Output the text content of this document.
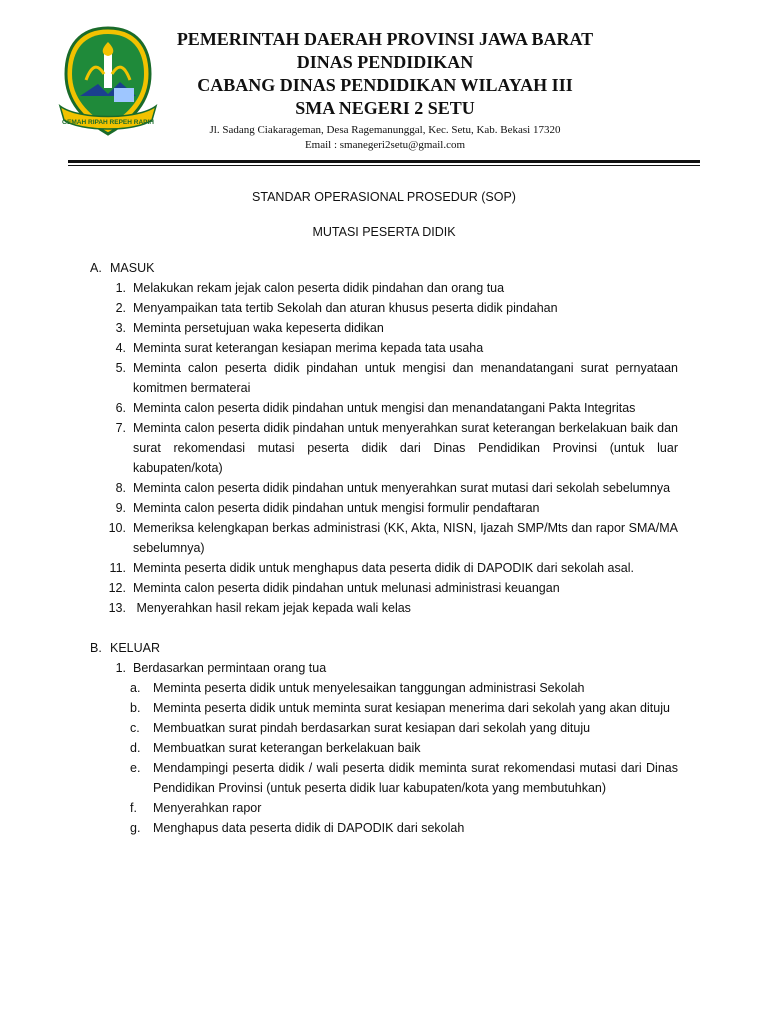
GEMAH RIPAH REPEH RAPIH
PEMERINTAH DAERAH PROVINSI JAWA BARAT
DINAS PENDIDIKAN
CABANG DINAS PENDIDIKAN WILAYAH III
SMA NEGERI 2 SETU
Jl. Sadang Ciakarageman, Desa Ragemanunggal, Kec. Setu, Kab. Bekasi 17320
Email : smanegeri2setu@gmail.com
STANDAR OPERASIONAL PROSEDUR (SOP)
MUTASI PESERTA DIDIK
A. MASUK
1. Melakukan rekam jejak calon peserta didik pindahan dan orang tua
2. Menyampaikan tata tertib Sekolah dan aturan khusus peserta didik pindahan
3. Meminta persetujuan waka kepeserta didikan
4. Meminta surat keterangan kesiapan merima kepada tata usaha
5. Meminta calon peserta didik pindahan untuk mengisi dan menandatangani surat pernyataan komitmen bermaterai
6. Meminta calon peserta didik pindahan untuk mengisi dan menandatangani Pakta Integritas
7. Meminta calon peserta didik pindahan untuk menyerahkan surat keterangan berkelakuan baik dan surat rekomendasi mutasi peserta didik dari Dinas Pendidikan Provinsi (untuk luar kabupaten/kota)
8. Meminta calon peserta didik pindahan untuk menyerahkan surat mutasi dari sekolah sebelumnya
9. Meminta calon peserta didik pindahan untuk mengisi formulir pendaftaran
10. Memeriksa kelengkapan berkas administrasi (KK, Akta, NISN, Ijazah SMP/Mts dan rapor SMA/MA sebelumnya)
11. Meminta peserta didik untuk menghapus data peserta didik di DAPODIK dari sekolah asal.
12. Meminta calon peserta didik pindahan untuk melunasi administrasi keuangan
13. Menyerahkan hasil rekam jejak kepada wali kelas
B. KELUAR
1. Berdasarkan permintaan orang tua
a.	Meminta peserta didik untuk menyelesaikan tanggungan administrasi Sekolah
b.	Meminta peserta didik untuk meminta surat kesiapan menerima dari sekolah yang akan dituju
c.	Membuatkan surat pindah berdasarkan surat kesiapan dari sekolah yang dituju
d.	Membuatkan surat keterangan berkelakuan baik
e.	Mendampingi peserta didik / wali peserta didik meminta surat rekomendasi mutasi dari Dinas Pendidikan Provinsi (untuk peserta didik luar kabupaten/kota yang membutuhkan)
f.	Menyerahkan rapor
g.	Menghapus data peserta didik di DAPODIK dari sekolah
